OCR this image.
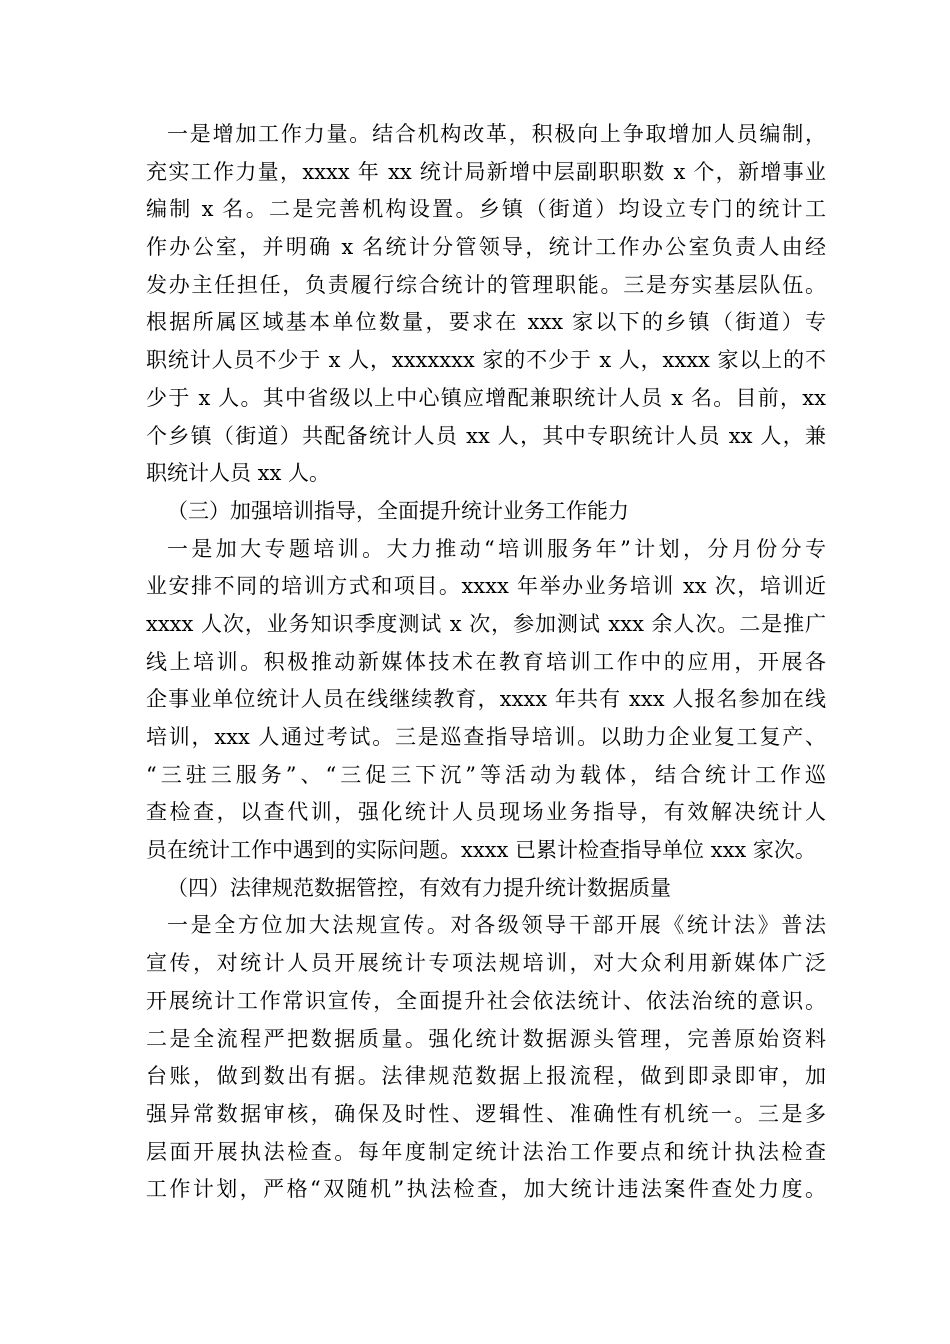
一是增加工作力量。结合机构改革，积极向上争取增加人员编制，
充实工作力量，xxxx 年 xx 统计局新增中层副职职数 x 个，新增事业
编制 x 名。二是完善机构设置。乡镇（街道）均设立专门的统计工
作办公室，并明确 x 名统计分管领导，统计工作办公室负责人由经
发办主任担任，负责履行综合统计的管理职能。三是夯实基层队伍。
根据所属区域基本单位数量，要求在 xxx 家以下的乡镇（街道）专
职统计人员不少于 x 人，xxxxxxx 家的不少于 x 人，xxxx 家以上的不
少于 x 人。其中省级以上中心镇应增配兼职统计人员 x 名。目前，xx
个乡镇（街道）共配备统计人员 xx 人，其中专职统计人员 xx 人，兼
职统计人员 xx 人。
（三）加强培训指导，全面提升统计业务工作能力
一是加大专题培训。大力推动“培训服务年”计划，分月份分专
业安排不同的培训方式和项目。xxxx 年举办业务培训 xx 次，培训近
xxxx 人次，业务知识季度测试 x 次，参加测试 xxx 余人次。二是推广
线上培训。积极推动新媒体技术在教育培训工作中的应用，开展各
企事业单位统计人员在线继续教育，xxxx 年共有 xxx 人报名参加在线
培训，xxx 人通过考试。三是巡查指导培训。以助力企业复工复产、
“三驻三服务”、“三促三下沉”等活动为载体，结合统计工作巡
查检查，以查代训，强化统计人员现场业务指导，有效解决统计人
员在统计工作中遇到的实际问题。xxxx 已累计检查指导单位 xxx 家次。
（四）法律规范数据管控，有效有力提升统计数据质量
一是全方位加大法规宣传。对各级领导干部开展《统计法》普法
宣传，对统计人员开展统计专项法规培训，对大众利用新媒体广泛
开展统计工作常识宣传，全面提升社会依法统计、依法治统的意识。
二是全流程严把数据质量。强化统计数据源头管理，完善原始资料
台账，做到数出有据。法律规范数据上报流程，做到即录即审，加
强异常数据审核，确保及时性、逻辑性、准确性有机统一。三是多
层面开展执法检查。每年度制定统计法治工作要点和统计执法检查
工作计划，严格“双随机”执法检查，加大统计违法案件查处力度。
